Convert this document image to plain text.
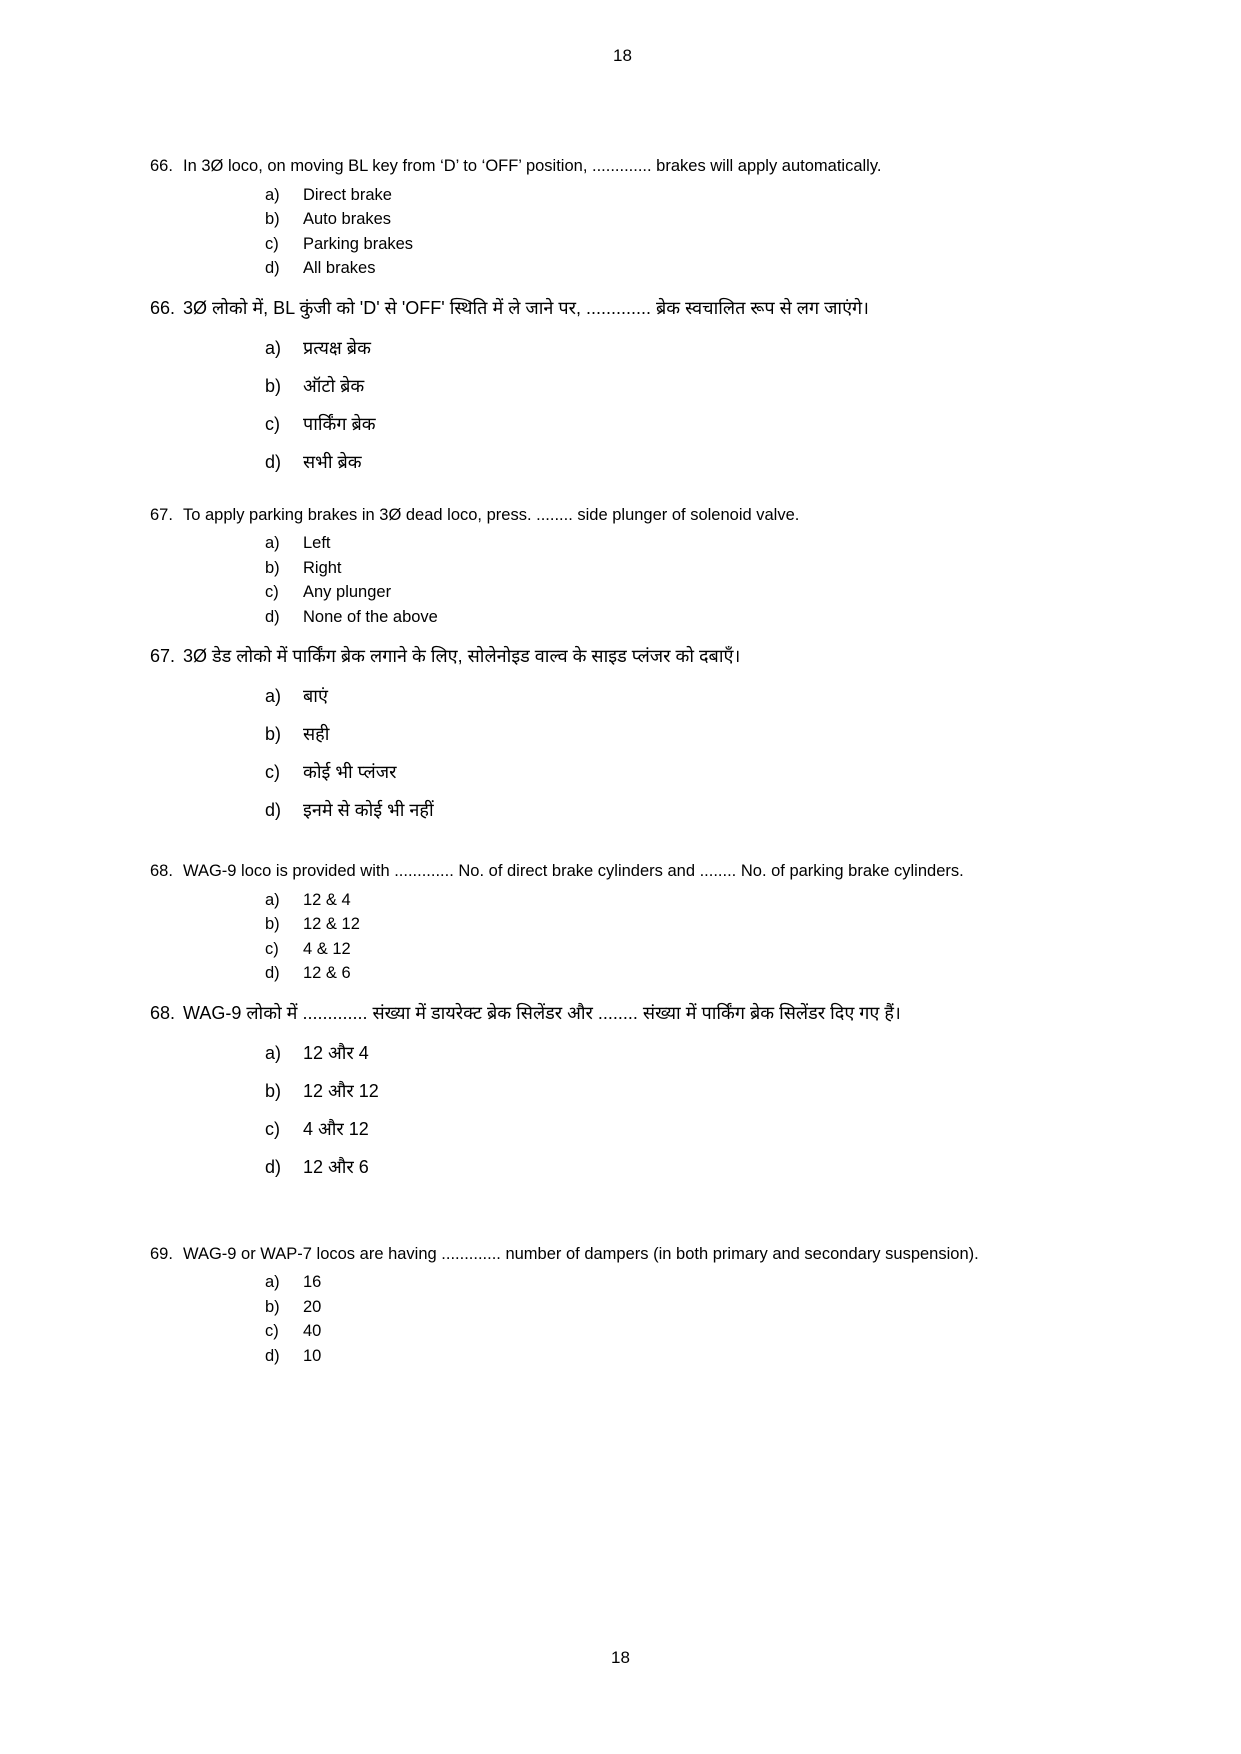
18
66. In 3Ø loco, on moving BL key from ‘D’ to ‘OFF’ position, ............. brakes will apply automatically.
a)	Direct brake
b)	Auto brakes
c)	Parking brakes
d)	All brakes
66. 3Ø लोको में, BL कुंजी को 'D' से 'OFF' स्थिति में ले जाने पर, ............. ब्रेक स्वचालित रूप से लग जाएंगे।
a)	प्रत्यक्ष ब्रेक
b)	ऑटो ब्रेक
c)	पार्किंग ब्रेक
d)	सभी ब्रेक
67. To apply parking brakes in 3Ø dead loco, press. ........ side plunger of solenoid valve.
a)	Left
b)	Right
c)	Any plunger
d)	None of the above
67. 3Ø डेड लोको में पार्किंग ब्रेक लगाने के लिए, सोलेनोइड वाल्व के साइड प्लंजर को दबाएँ।
a)	बाएं
b)	सही
c)	कोई भी प्लंजर
d)	इनमे से कोई भी नहीं
68. WAG-9 loco is provided with ............. No. of direct brake cylinders and ........ No. of parking brake cylinders.
a)	12 & 4
b)	12 & 12
c)	4 & 12
d)	12 & 6
68. WAG-9 लोको में ............. संख्या में डायरेक्ट ब्रेक सिलेंडर और ........ संख्या में पार्किंग ब्रेक सिलेंडर दिए गए हैं।
a)	12 और 4
b)	12 और 12
c)	4 और 12
d)	12 और 6
69. WAG-9 or WAP-7 locos are having ............. number of dampers (in both primary and secondary suspension).
a)	16
b)	20
c)	40
d)	10
18
